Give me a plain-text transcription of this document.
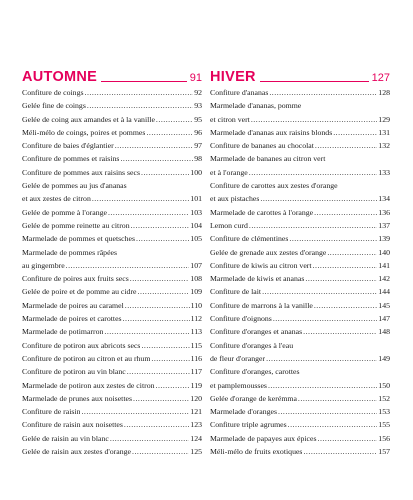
AUTOMNE	91
Confiture de coings .....	92
Gelée fine de coings .....	93
Gelée de coing aux amandes et à la vanille .....	95
Méli-mélo de coings, poires et pommes .....	96
Confiture de baies d'églantier .....	97
Confiture de pommes et raisins .....	98
Confiture de pommes aux raisins secs .....	100
Gelée de pommes au jus d'ananas
et aux zestes de citron .....	101
Gelée de pomme à l'orange .....	103
Gelée de pomme reinette au citron .....	104
Marmelade de pommes et quetsches .....	105
Marmelade de pommes râpées
au gingembre .....	107
Confiture de poires aux fruits secs .....	108
Gelée de poire et de pomme au cidre .....	109
Marmelade de poires au caramel .....	110
Marmelade de poires et carottes .....	112
Marmelade de potimarron .....	113
Confiture de potiron aux abricots secs .....	115
Confiture de potiron au citron et au rhum .....	116
Confiture de potiron au vin blanc .....	117
Marmelade de potiron aux zestes de citron .....	119
Marmelade de prunes aux noisettes .....	120
Confiture de raisin .....	121
Confiture de raisin aux noisettes .....	123
Gelée de raisin au vin blanc .....	124
Gelée de raisin aux zestes d'orange .....	125
HIVER	127
Confiture d'ananas .....	128
Marmelade d'ananas, pomme
et citron vert .....	129
Marmelade d'ananas aux raisins blonds .....	131
Confiture de bananes au chocolat .....	132
Marmelade de bananes au citron vert
et à l'orange .....	133
Confiture de carottes aux zestes d'orange
et aux pistaches .....	134
Marmelade de carottes à l'orange .....	136
Lemon curd .....	137
Confiture de clémentines .....	139
Gelée de grenade aux zestes d'orange .....	140
Confiture de kiwis au citron vert .....	141
Marmelade de kiwis et ananas .....	142
Confiture de lait .....	144
Confiture de marrons à la vanille .....	145
Confiture d'oignons .....	147
Confiture d'oranges et ananas .....	148
Confiture d'oranges à l'eau
de fleur d'oranger .....	149
Confiture d'oranges, carottes
et pamplemousses .....	150
Gelée d'orange de kerémma .....	152
Marmelade d'oranges .....	153
Confiture triple agrumes .....	155
Marmelade de papayes aux épices .....	156
Méli-mélo de fruits exotiques .....	157
